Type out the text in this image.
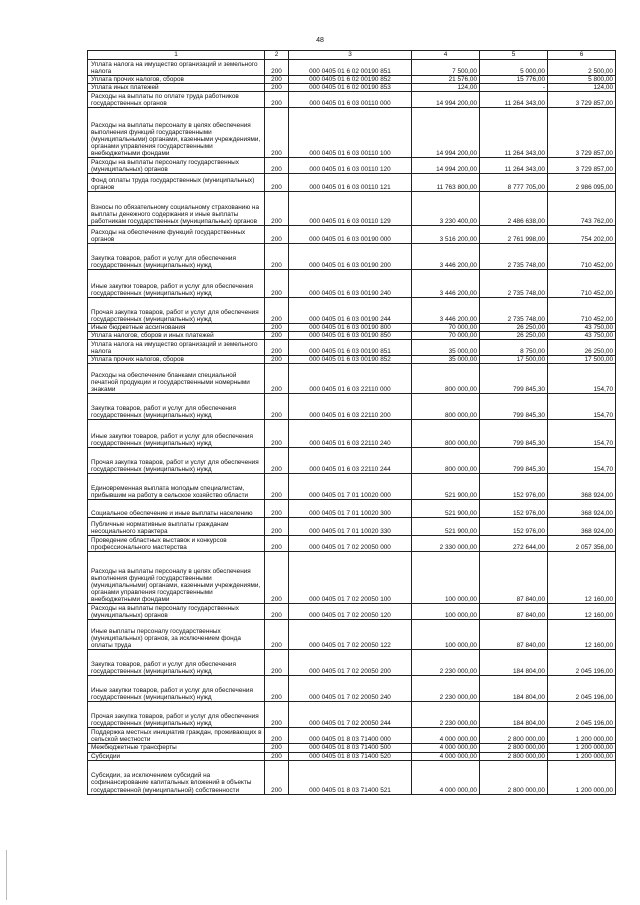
48
1	2	3	4	5	6
Уплата налога на имущество организаций и земельного налога	200	000 0405 01 6 02 00190 851	7 500,00	5 000,00	2 500,00
Уплата прочих налогов, сборов	200	000 0405 01 6 02 00190 852	21 576,00	15 776,00	5 800,00
Уплата иных платежей	200	000 0405 01 6 02 00190 853	124,00	-	124,00
Расходы на выплаты по оплате труда работников государственных органов	200	000 0405 01 6 03 00110 000	14 994 200,00	11 264 343,00	3 729 857,00
Расходы на выплаты персоналу в целях обеспечения выполнения функций государственными (муниципальными) органами, казенными учреждениями, органами управления государственными внебюджетными фондами	200	000 0405 01 6 03 00110 100	14 994 200,00	11 264 343,00	3 729 857,00
Расходы на выплаты персоналу государственных (муниципальных) органов	200	000 0405 01 6 03 00110 120	14 994 200,00	11 264 343,00	3 729 857,00
Фонд оплаты труда государственных (муниципальных) органов	200	000 0405 01 6 03 00110 121	11 763 800,00	8 777 705,00	2 986 095,00
Взносы по обязательному социальному страхованию на выплаты денежного содержания и иные выплаты работникам государственных (муниципальных) органов	200	000 0405 01 6 03 00110 129	3 230 400,00	2 486 638,00	743 762,00
Расходы на обеспечение функций государственных органов	200	000 0405 01 6 03 00190 000	3 516 200,00	2 761 998,00	754 202,00
Закупка товаров, работ и услуг для обеспечения государственных (муниципальных) нужд	200	000 0405 01 6 03 00190 200	3 446 200,00	2 735 748,00	710 452,00
Иные закупки товаров, работ и услуг для обеспечения государственных (муниципальных) нужд	200	000 0405 01 6 03 00190 240	3 446 200,00	2 735 748,00	710 452,00
Прочая закупка товаров, работ и услуг для обеспечения государственных (муниципальных) нужд	200	000 0405 01 6 03 00190 244	3 446 200,00	2 735 748,00	710 452,00
Иные бюджетные ассигнования	200	000 0405 01 6 03 00190 800	70 000,00	26 250,00	43 750,00
Уплата налогов, сборов и иных платежей	200	000 0405 01 6 03 00190 850	70 000,00	26 250,00	43 750,00
Уплата налога на имущество организаций и земельного налога	200	000 0405 01 6 03 00190 851	35 000,00	8 750,00	26 250,00
Уплата прочих налогов, сборов	200	000 0405 01 6 03 00190 852	35 000,00	17 500,00	17 500,00
Расходы на обеспечение бланками специальной печатной продукции и государственными номерными знаками	200	000 0405 01 6 03 22110 000	800 000,00	799 845,30	154,70
Закупка товаров, работ и услуг для обеспечения государственных (муниципальных) нужд	200	000 0405 01 6 03 22110 200	800 000,00	799 845,30	154,70
Иные закупки товаров, работ и услуг для обеспечения государственных (муниципальных) нужд	200	000 0405 01 6 03 22110 240	800 000,00	799 845,30	154,70
Прочая закупка товаров, работ и услуг для обеспечения государственных (муниципальных) нужд	200	000 0405 01 6 03 22110 244	800 000,00	799 845,30	154,70
Единовременная выплата молодым специалистам, прибывшим на работу в сельское хозяйство области	200	000 0405 01 7 01 10020 000	521 900,00	152 976,00	368 924,00
Социальное обеспечение и иные выплаты населению	200	000 0405 01 7 01 10020 300	521 900,00	152 976,00	368 924,00
Публичные нормативные выплаты гражданам несоциального характера	200	000 0405 01 7 01 10020 330	521 900,00	152 976,00	368 924,00
Проведение областных выставок и конкурсов профессионального мастерства	200	000 0405 01 7 02 20050 000	2 330 000,00	272 644,00	2 057 356,00
Расходы на выплаты персоналу в целях обеспечения выполнения функций государственными (муниципальными) органами, казенными учреждениями, органами управления государственными внебюджетными фондами	200	000 0405 01 7 02 20050 100	100 000,00	87 840,00	12 160,00
Расходы на выплаты персоналу государственных (муниципальных) органов	200	000 0405 01 7 02 20050 120	100 000,00	87 840,00	12 160,00
Иные выплаты персоналу государственных (муниципальных) органов, за исключением фонда оплаты труда	200	000 0405 01 7 02 20050 122	100 000,00	87 840,00	12 160,00
Закупка товаров, работ и услуг для обеспечения государственных (муниципальных) нужд	200	000 0405 01 7 02 20050 200	2 230 000,00	184 804,00	2 045 196,00
Иные закупки товаров, работ и услуг для обеспечения государственных (муниципальных) нужд	200	000 0405 01 7 02 20050 240	2 230 000,00	184 804,00	2 045 196,00
Прочая закупка товаров, работ и услуг для обеспечения государственных (муниципальных) нужд	200	000 0405 01 7 02 20050 244	2 230 000,00	184 804,00	2 045 196,00
Поддержка местных инициатив граждан, проживающих в сельской местности	200	000 0405 01 8 03 71400 000	4 000 000,00	2 800 000,00	1 200 000,00
Межбюджетные трансферты	200	000 0405 01 8 03 71400 500	4 000 000,00	2 800 000,00	1 200 000,00
Субсидии	200	000 0405 01 8 03 71400 520	4 000 000,00	2 800 000,00	1 200 000,00
Субсидии, за исключением субсидий на софинансирование капитальных вложений в объекты государственной (муниципальной) собственности	200	000 0405 01 8 03 71400 521	4 000 000,00	2 800 000,00	1 200 000,00
